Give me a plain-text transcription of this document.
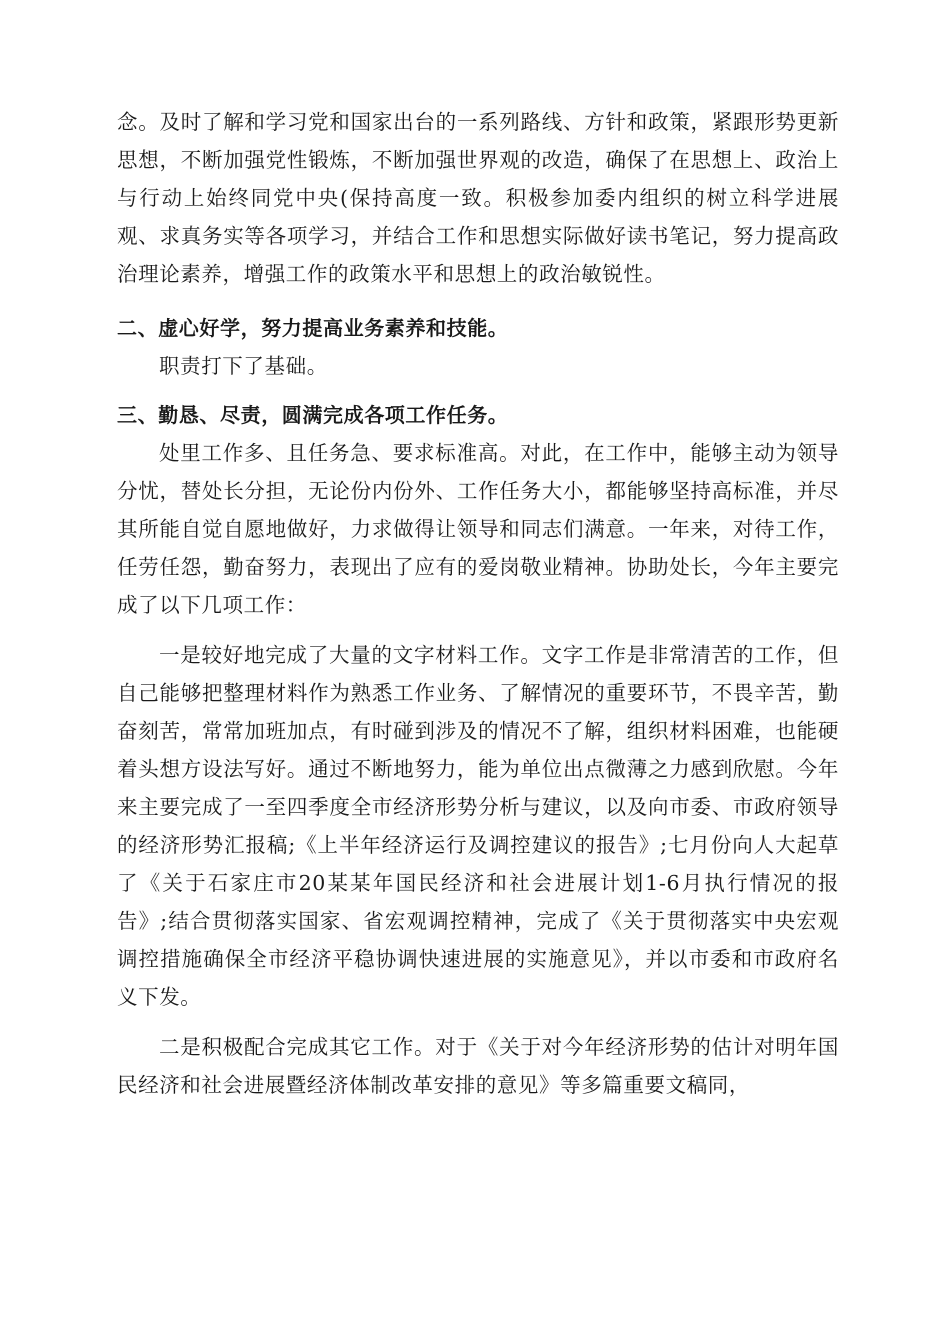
念。及时了解和学习党和国家出台的一系列路线、方针和政策，紧跟形势更新思想，不断加强党性锻炼，不断加强世界观的改造，确保了在思想上、政治上与行动上始终同党中央(保持高度一致。积极参加委内组织的树立科学进展观、求真务实等各项学习，并结合工作和思想实际做好读书笔记，努力提高政治理论素养，增强工作的政策水平和思想上的政治敏锐性。

二、虚心好学，努力提高业务素养和技能。

职责打下了基础。

三、勤恳、尽责，圆满完成各项工作任务。

处里工作多、且任务急、要求标准高。对此，在工作中，能够主动为领导分忧，替处长分担，无论份内份外、工作任务大小，都能够坚持高标准，并尽其所能自觉自愿地做好，力求做得让领导和同志们满意。一年来，对待工作，任劳任怨，勤奋努力，表现出了应有的爱岗敬业精神。协助处长，今年主要完成了以下几项工作：

一是较好地完成了大量的文字材料工作。文字工作是非常清苦的工作，但自己能够把整理材料作为熟悉工作业务、了解情况的重要环节，不畏辛苦，勤奋刻苦，常常加班加点，有时碰到涉及的情况不了解，组织材料困难，也能硬着头想方设法写好。通过不断地努力，能为单位出点微薄之力感到欣慰。今年来主要完成了一至四季度全市经济形势分析与建议，以及向市委、市政府领导的经济形势汇报稿;《上半年经济运行及调控建议的报告》;七月份向人大起草了《关于石家庄市20某某年国民经济和社会进展计划1-6月执行情况的报告》;结合贯彻落实国家、省宏观调控精神，完成了《关于贯彻落实中央宏观调控措施确保全市经济平稳协调快速进展的实施意见》，并以市委和市政府名义下发。

二是积极配合完成其它工作。对于《关于对今年经济形势的估计对明年国民经济和社会进展暨经济体制改革安排的意见》等多篇重要文稿同，
